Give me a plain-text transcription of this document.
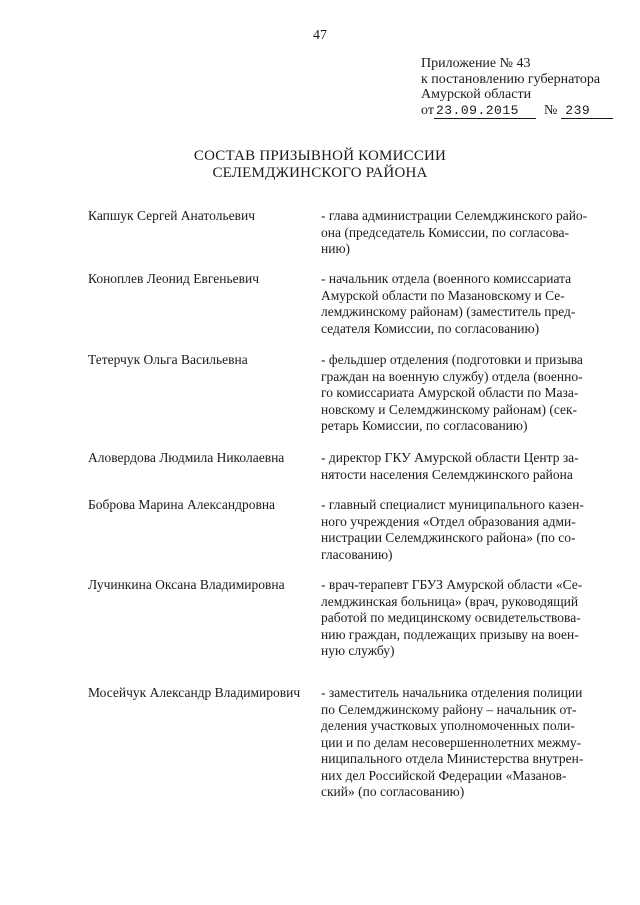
47
Приложение № 43
к постановлению губернатора
Амурской области
от 23.09.2015 № 239
СОСТАВ ПРИЗЫВНОЙ КОМИССИИ
СЕЛЕМДЖИНСКОГО РАЙОНА
Капшук Сергей Анатольевич	- глава администрации Селемджинского райо-
она (председатель Комиссии, по согласова-
нию)
Коноплев Леонид Евгеньевич	- начальник отдела (военного комиссариата
Амурской области по Мазановскому и Се-
лемджинскому районам) (заместитель пред-
седателя Комиссии, по согласованию)
Тетерчук Ольга Васильевна	- фельдшер отделения (подготовки и призыва
граждан на военную службу) отдела (военно-
го комиссариата Амурской области по Маза-
новскому и Селемджинскому районам) (сек-
ретарь Комиссии, по согласованию)
Аловердова Людмила Николаевна	- директор ГКУ Амурской области Центр за-
нятости населения Селемджинского района
Боброва Марина Александровна	- главный специалист муниципального казен-
ного учреждения «Отдел образования адми-
нистрации Селемджинского района» (по со-
гласованию)
Лучинкина Оксана Владимировна	- врач-терапевт ГБУЗ Амурской области «Се-
лемджинская больница» (врач, руководящий
работой по медицинскому освидетельствова-
нию граждан, подлежащих призыву на воен-
ную службу)
Мосейчук Александр Владимирович	- заместитель начальника отделения полиции
по Селемджинскому району – начальник от-
деления участковых уполномоченных поли-
ции и по делам несовершеннолетних межму-
ниципального отдела Министерства внутрен-
них дел Российской Федерации «Мазанов-
ский» (по согласованию)
